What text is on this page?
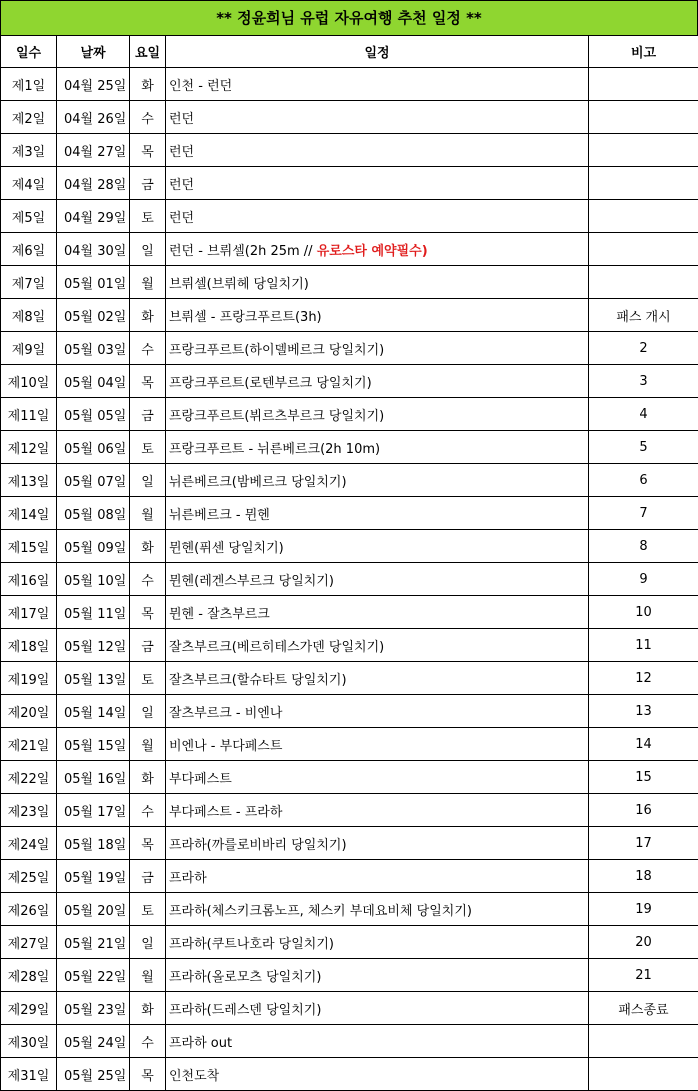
** 정윤희님 유럽 자유여행 추천 일정 **
일수	날짜	요일	일정	비고
제1일	04월 25일	화	인천 - 런던	
제2일	04월 26일	수	런던	
제3일	04월 27일	목	런던	
제4일	04월 28일	금	런던	
제5일	04월 29일	토	런던	
제6일	04월 30일	일	런던 - 브뤼셀(2h 25m // 유로스타 예약필수)	
제7일	05월 01일	월	브뤼셀(브뤼헤 당일치기)	
제8일	05월 02일	화	브뤼셀 - 프랑크푸르트(3h)	패스 개시
제9일	05월 03일	수	프랑크푸르트(하이델베르크 당일치기)	2
제10일	05월 04일	목	프랑크푸르트(로텐부르크 당일치기)	3
제11일	05월 05일	금	프랑크푸르트(뷔르츠부르크 당일치기)	4
제12일	05월 06일	토	프랑크푸르트 - 뉘른베르크(2h 10m)	5
제13일	05월 07일	일	뉘른베르크(밤베르크 당일치기)	6
제14일	05월 08일	월	뉘른베르크 - 뮌헨	7
제15일	05월 09일	화	뮌헨(퓌센 당일치기)	8
제16일	05월 10일	수	뮌헨(레겐스부르크 당일치기)	9
제17일	05월 11일	목	뮌헨 - 잘츠부르크	10
제18일	05월 12일	금	잘츠부르크(베르히테스가덴 당일치기)	11
제19일	05월 13일	토	잘츠부르크(할슈타트 당일치기)	12
제20일	05월 14일	일	잘츠부르크 - 비엔나	13
제21일	05월 15일	월	비엔나 - 부다페스트	14
제22일	05월 16일	화	부다페스트	15
제23일	05월 17일	수	부다페스트 - 프라하	16
제24일	05월 18일	목	프라하(까를로비바리 당일치기)	17
제25일	05월 19일	금	프라하	18
제26일	05월 20일	토	프라하(체스키크롬노프, 체스키 부데요비체 당일치기)	19
제27일	05월 21일	일	프라하(쿠트나호라 당일치기)	20
제28일	05월 22일	월	프라하(올로모츠 당일치기)	21
제29일	05월 23일	화	프라하(드레스덴 당일치기)	패스종료
제30일	05월 24일	수	프라하 out	
제31일	05월 25일	목	인천도착	
